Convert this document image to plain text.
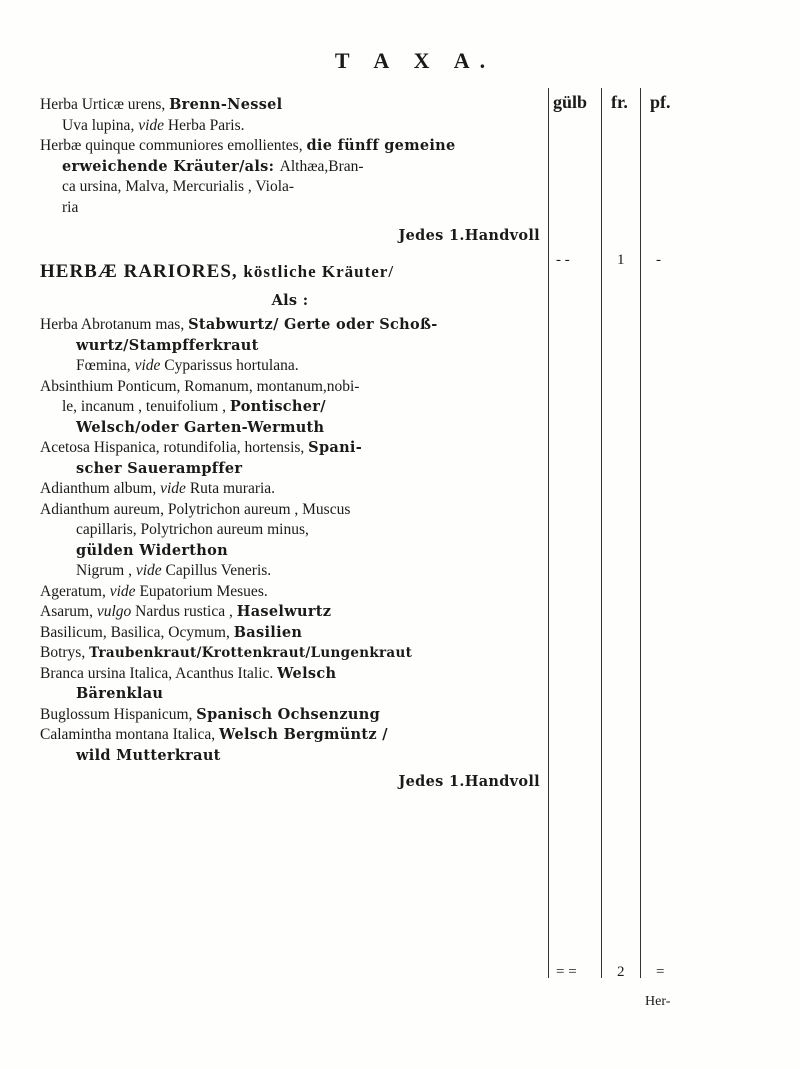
T A X A.
gülb fr. pf.
Herba Urticæ urens, Brenn-Nessel
Uva lupina, vide Herba Paris.
Herbæ quinque communiores emollientes, die fünff gemeine
erweichende Kräuter/als: Althæa,Bran-
ca ursina, Malva, Mercurialis , Viola-
ria
Jedes 1.Handvoll
HERBÆ RARIORES, köstliche Kräuter/
Als :
Herba Abrotanum mas, Stabwurtz/ Gerte oder Schoß-
wurtz/Stampfferkraut
Fœmina, vide Cyparissus hortulana.
Absinthium Ponticum, Romanum, montanum,nobi-
le, incanum , tenuifolium , Pontischer/
Welsch/oder Garten-Wermuth
Acetosa Hispanica, rotundifolia, hortensis, Spani-
scher Sauerampffer
Adianthum album, vide Ruta muraria.
Adianthum aureum, Polytrichon aureum , Muscus
capillaris, Polytrichon aureum minus,
gülden Widerthon
Nigrum , vide Capillus Veneris.
Ageratum, vide Eupatorium Mesues.
Asarum, vulgo Nardus rustica , Haselwurtz
Basilicum, Basilica, Ocymum, Basilien
Botrys, Traubenkraut/Krottenkraut/Lungenkraut
Branca ursina Italica, Acanthus Italic. Welsch
Bärenklau
Buglossum Hispanicum, Spanisch Ochsenzung
Calamintha montana Italica, Welsch Bergmüntz /
wild Mutterkraut
Jedes 1.Handvoll
- -	1 -
= =	2 =
Her-
